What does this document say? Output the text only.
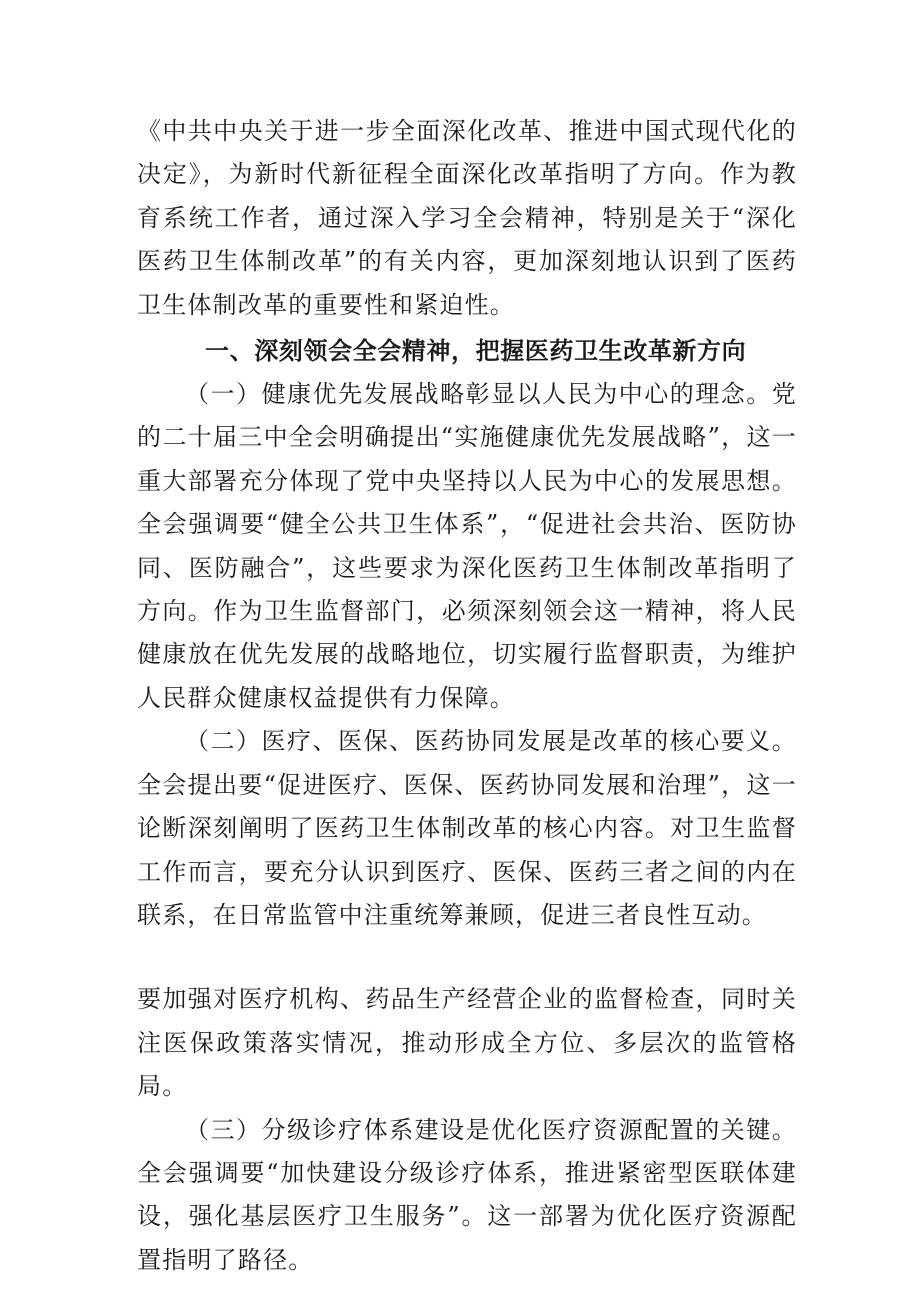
《中共中央关于进一步全面深化改革、推进中国式现代化的决定》，为新时代新征程全面深化改革指明了方向。作为教育系统工作者，通过深入学习全会精神，特别是关于“深化医药卫生体制改革”的有关内容，更加深刻地认识到了医药卫生体制改革的重要性和紧迫性。

一、深刻领会全会精神，把握医药卫生改革新方向

（一）健康优先发展战略彰显以人民为中心的理念。党的二十届三中全会明确提出“实施健康优先发展战略”，这一重大部署充分体现了党中央坚持以人民为中心的发展思想。全会强调要“健全公共卫生体系”，“促进社会共治、医防协同、医防融合”，这些要求为深化医药卫生体制改革指明了方向。作为卫生监督部门，必须深刻领会这一精神，将人民健康放在优先发展的战略地位，切实履行监督职责，为维护人民群众健康权益提供有力保障。

（二）医疗、医保、医药协同发展是改革的核心要义。全会提出要“促进医疗、医保、医药协同发展和治理”，这一论断深刻阐明了医药卫生体制改革的核心内容。对卫生监督工作而言，要充分认识到医疗、医保、医药三者之间的内在联系，在日常监管中注重统筹兼顾，促进三者良性互动。

要加强对医疗机构、药品生产经营企业的监督检查，同时关注医保政策落实情况，推动形成全方位、多层次的监管格局。

（三）分级诊疗体系建设是优化医疗资源配置的关键。全会强调要“加快建设分级诊疗体系，推进紧密型医联体建设，强化基层医疗卫生服务”。这一部署为优化医疗资源配置指明了路径。
